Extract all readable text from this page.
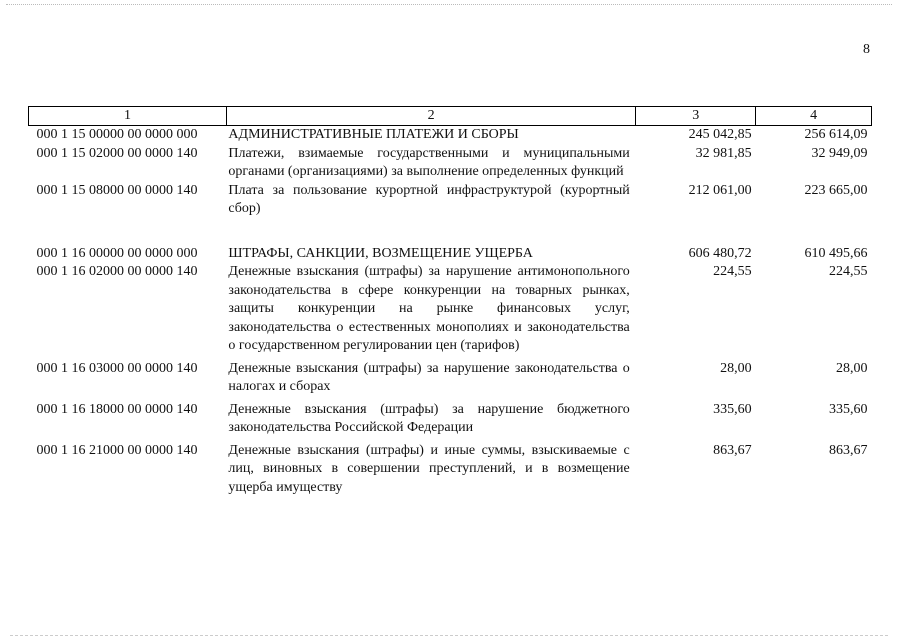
8
1	2	3	4
000 1 15 00000 00 0000 000	АДМИНИСТРАТИВНЫЕ ПЛАТЕЖИ И СБОРЫ	245 042,85	256 614,09
000 1 15 02000 00 0000 140	Платежи, взимаемые государственными и муниципальными органами (организациями) за выполнение определенных функций	32 981,85	32 949,09
000 1 15 08000 00 0000 140	Плата за пользование курортной инфраструктурой (курортный сбор)	212 061,00	223 665,00

000 1 16 00000 00 0000 000	ШТРАФЫ, САНКЦИИ, ВОЗМЕЩЕНИЕ УЩЕРБА	606 480,72	610 495,66
000 1 16 02000 00 0000 140	Денежные взыскания (штрафы) за нарушение антимонопольного законодательства в сфере конкуренции на товарных рынках, защиты конкуренции на рынке финансовых услуг, законодательства о естественных монополиях и законодательства о государственном регулировании цен (тарифов)	224,55	224,55
000 1 16 03000 00 0000 140	Денежные взыскания (штрафы) за нарушение законодательства о налогах и сборах	28,00	28,00
000 1 16 18000 00 0000 140	Денежные взыскания (штрафы) за нарушение бюджетного законодательства Российской Федерации	335,60	335,60
000 1 16 21000 00 0000 140	Денежные взыскания (штрафы) и иные суммы, взыскиваемые с лиц, виновных в совершении преступлений, и в возмещение ущерба имуществу	863,67	863,67
